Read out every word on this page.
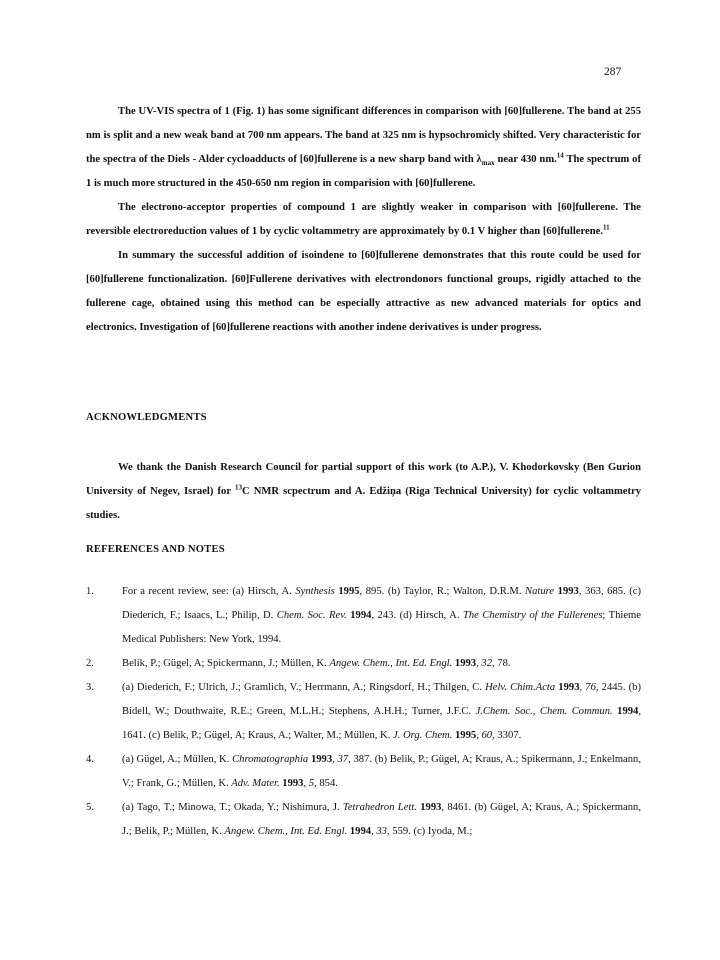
287

The UV-VIS spectra of 1 (Fig. 1) has some significant differences in comparison with [60]fullerene. The band at 255 nm is split and a new weak band at 700 nm appears. The band at 325 nm is hypsochromicly shifted. Very characteristic for the spectra of the Diels - Alder cycloadducts of [60]fullerene is a new sharp band with $\lambda_{max}$ near 430 nm.$^{14}$ The spectrum of 1 is much more structured in the 450-650 nm region in comparision with [60]fullerene.

The electrono-acceptor properties of compound 1 are slightly weaker in comparison with [60]fullerene. The reversible electroreduction values of 1 by cyclic voltammetry are approximately by 0.1 V higher than [60]fullerene.$^{11}$

In summary the successful addition of isoindene to [60]fullerene demonstrates that this route could be used for [60]fullerene functionalization. [60]Fullerene derivatives with electrondonors functional groups, rigidly attached to the fullerene cage, obtained using this method can be especially attractive as new advanced materials for optics and electronics. Investigation of [60]fullerene reactions with another indene derivatives is under progress.

ACKNOWLEDGMENTS

We thank the Danish Research Council for partial support of this work (to A.P.), V. Khodorkovsky (Ben Gurion University of Negev, Israel) for $^{13}$C NMR scpectrum and A. Edžiņa (Riga Technical University) for cyclic voltammetry studies.

REFERENCES AND NOTES
1.	For a recent review, see: (a) Hirsch, A. Synthesis 1995, 895. (b) Taylor, R.; Walton, D.R.M. Nature 1993, 363, 685. (c) Diederich, F.; Isaacs, L.; Philip, D. Chem. Soc. Rev. 1994, 243. (d) Hirsch, A. The Chemistry of the Fullerenes; Thieme Medical Publishers: New York, 1994.
2.	Belik, P.; Gügel, A; Spickermann, J.; Müllen, K. Angew. Chem., Int. Ed. Engl. 1993, 32, 78.
3.	(a) Diederich, F.; Ulrich, J.; Gramlich, V.; Herrmann, A.; Ringsdorf, H.; Thilgen, C. Helv. Chim.Acta 1993, 76, 2445. (b) Bidell, W.; Douthwaite, R.E.; Green, M.L.H.; Stephens, A.H.H.; Turner, J.F.C. J.Chem. Soc., Chem. Commun. 1994, 1641. (c) Belik, P.; Gügel, A; Kraus, A.; Walter, M.; Müllen, K. J. Org. Chem. 1995, 60, 3307.
4.	(a) Gügel, A.; Müllen, K. Chromatographia 1993, 37, 387. (b) Belik, P.; Gügel, A; Kraus, A.; Spikermann, J.; Enkelmann, V.; Frank, G.; Müllen, K. Adv. Mater. 1993, 5, 854.
5.	(a) Tago, T.; Minowa, T.; Okada, Y.; Nishimura, J. Tetrahedron Lett. 1993, 8461. (b) Gügel, A; Kraus, A.; Spickermann, J.; Belik, P.; Müllen, K. Angew. Chem., Int. Ed. Engl. 1994, 33, 559. (c) Iyoda, M.;
